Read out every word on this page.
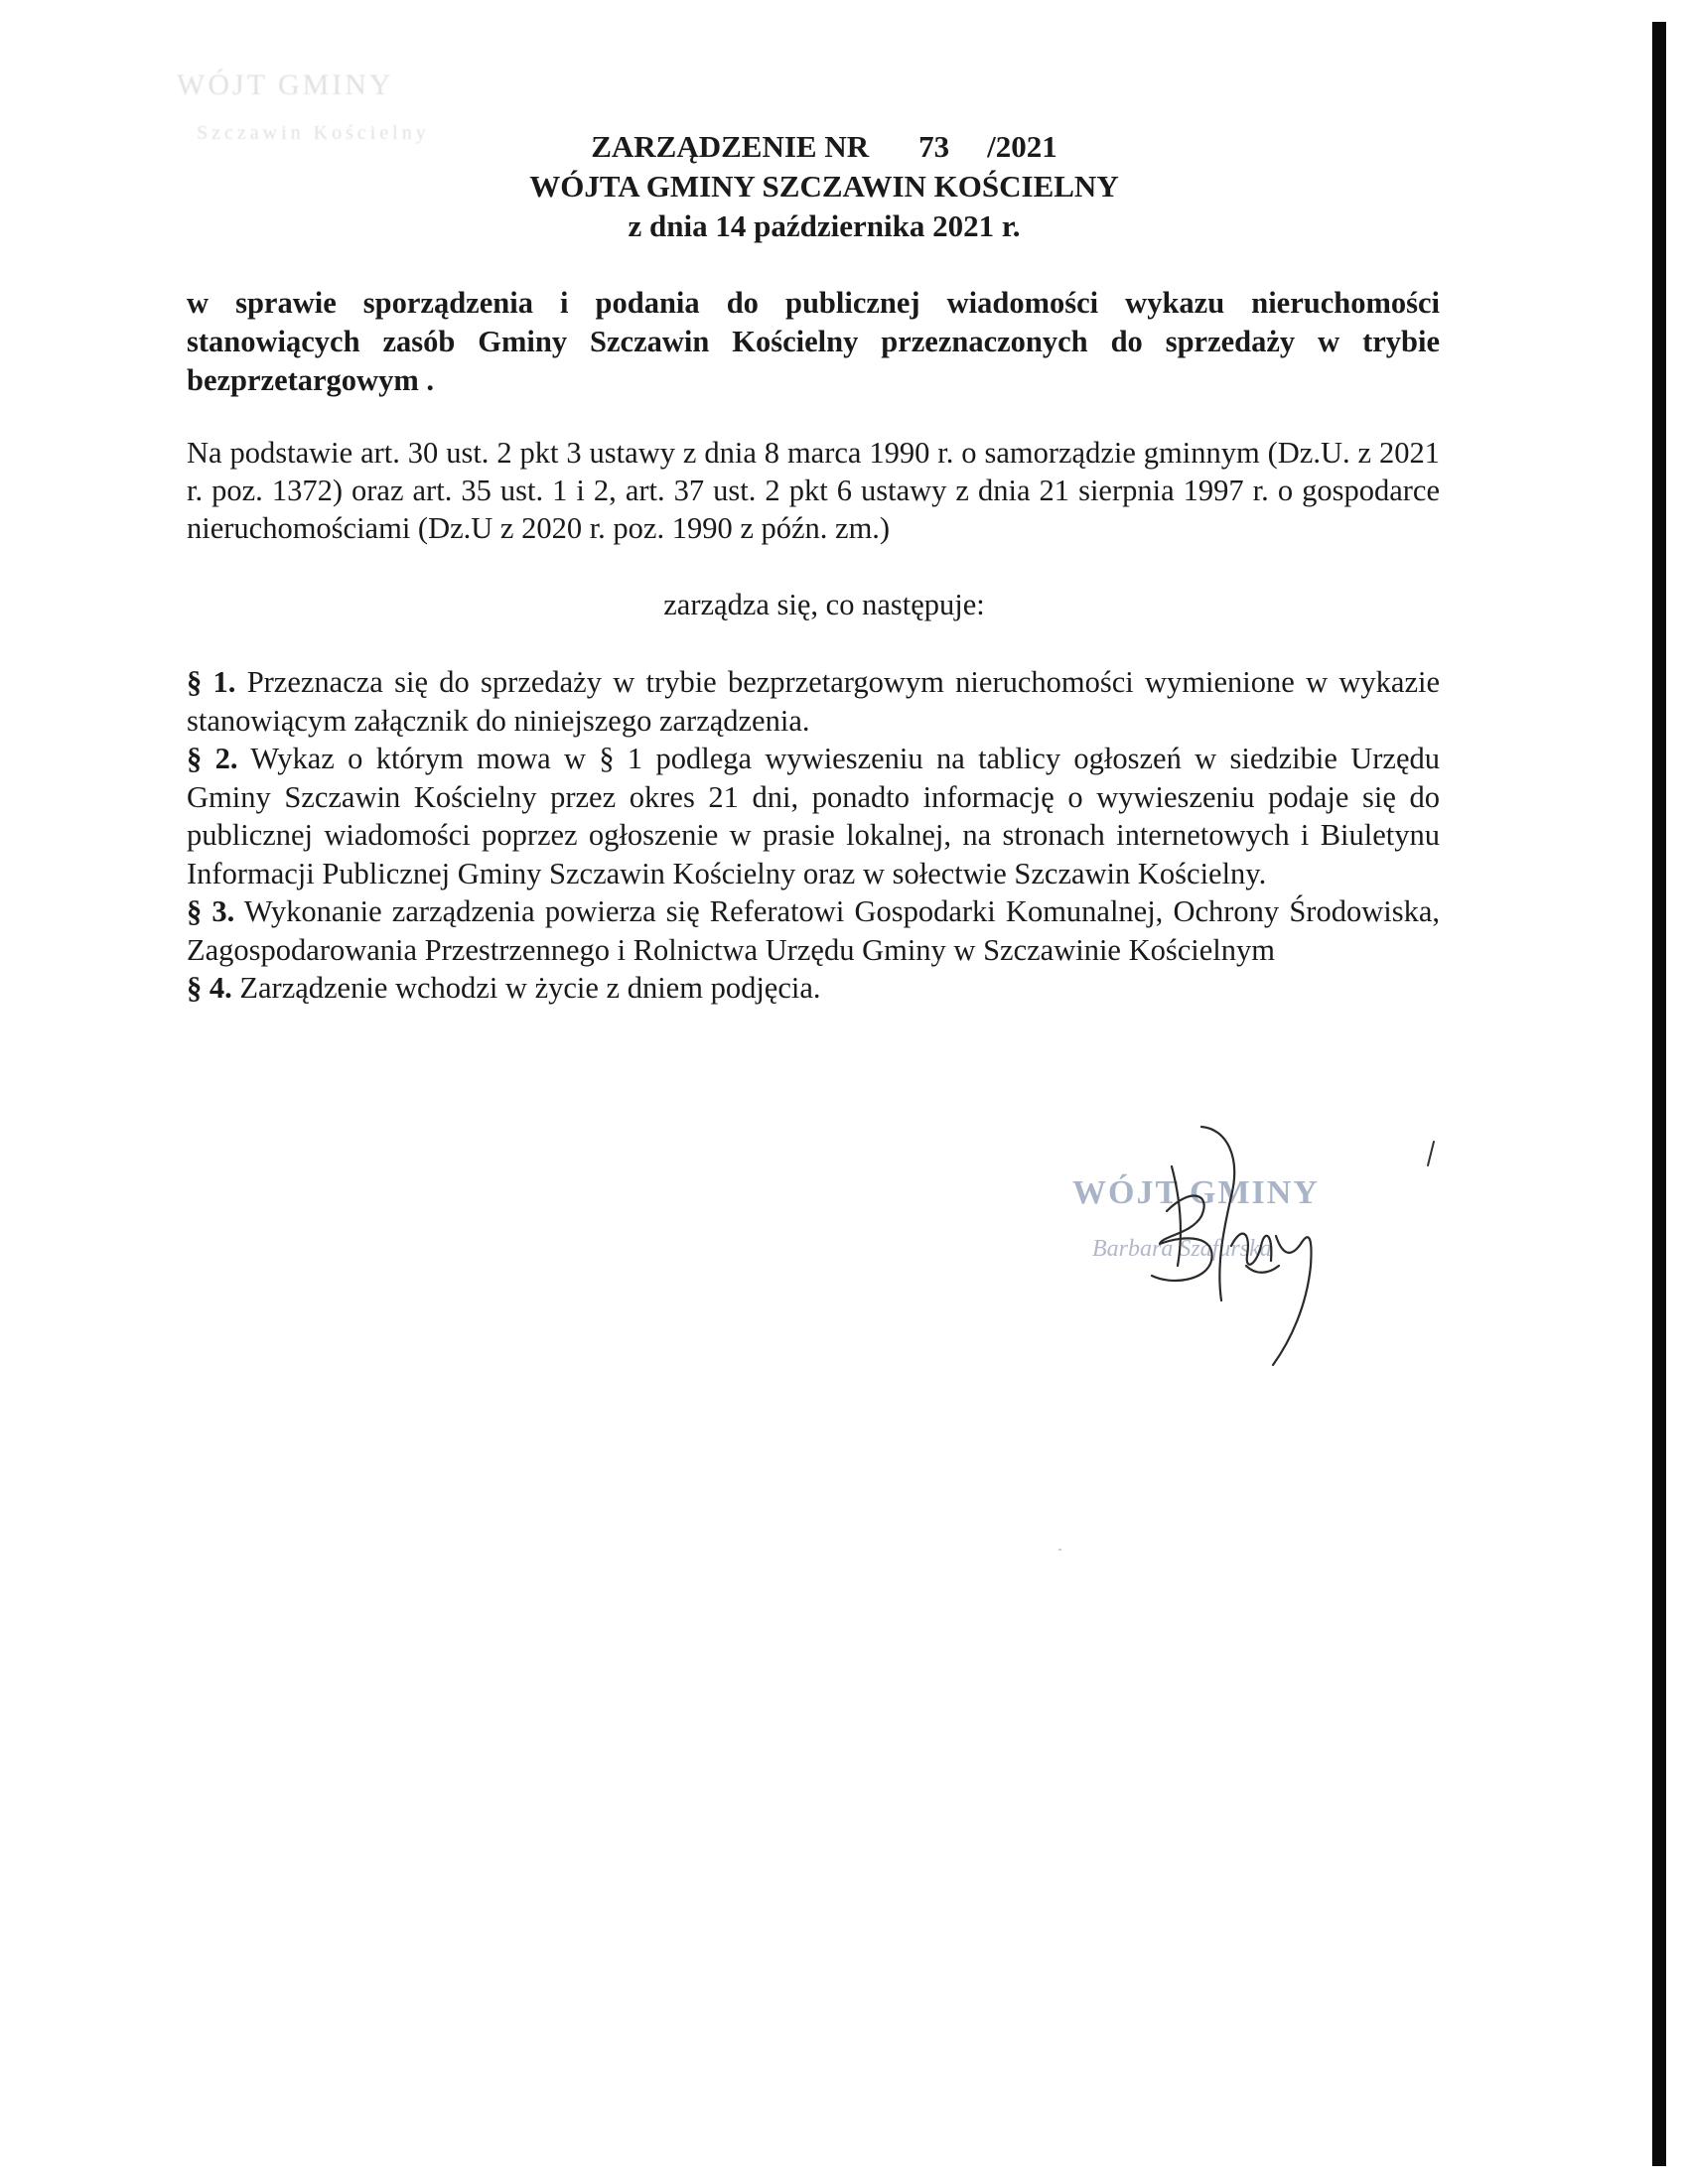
WÓJT GMINY
Szczawin Kościelny	ZARZĄDZENIE NR 73 /2021
WÓJTA GMINY SZCZAWIN KOŚCIELNY
z dnia 14 października 2021 r.
w sprawie sporządzenia i podania do publicznej wiadomości wykazu nieruchomości stanowiących zasób Gminy Szczawin Kościelny przeznaczonych do sprzedaży w trybie bezprzetargowym .
Na podstawie art. 30 ust. 2 pkt 3 ustawy z dnia 8 marca 1990 r. o samorządzie gminnym (Dz.U. z 2021 r. poz. 1372) oraz art. 35 ust. 1 i 2, art. 37 ust. 2 pkt 6 ustawy z dnia 21 sierpnia 1997 r. o gospodarce nieruchomościami (Dz.U z 2020 r. poz. 1990 z późn. zm.)
zarządza się, co następuje:

§ 1. Przeznacza się do sprzedaży w trybie bezprzetargowym nieruchomości wymienione w wykazie stanowiącym załącznik do niniejszego zarządzenia.

§ 2. Wykaz o którym mowa w § 1 podlega wywieszeniu na tablicy ogłoszeń w siedzibie Urzędu Gminy Szczawin Kościelny przez okres 21 dni, ponadto informację o wywieszeniu podaje się do publicznej wiadomości poprzez ogłoszenie w prasie lokalnej, na stronach internetowych i Biuletynu Informacji Publicznej Gminy Szczawin Kościelny oraz w sołectwie Szczawin Kościelny.

§ 3. Wykonanie zarządzenia powierza się Referatowi Gospodarki Komunalnej, Ochrony Środowiska, Zagospodarowania Przestrzennego i Rolnictwa Urzędu Gminy w Szczawinie Kościelnym

§ 4. Zarządzenie wchodzi w życie z dniem podjęcia.

WÓJT GMINY
Barbara Szafurska
